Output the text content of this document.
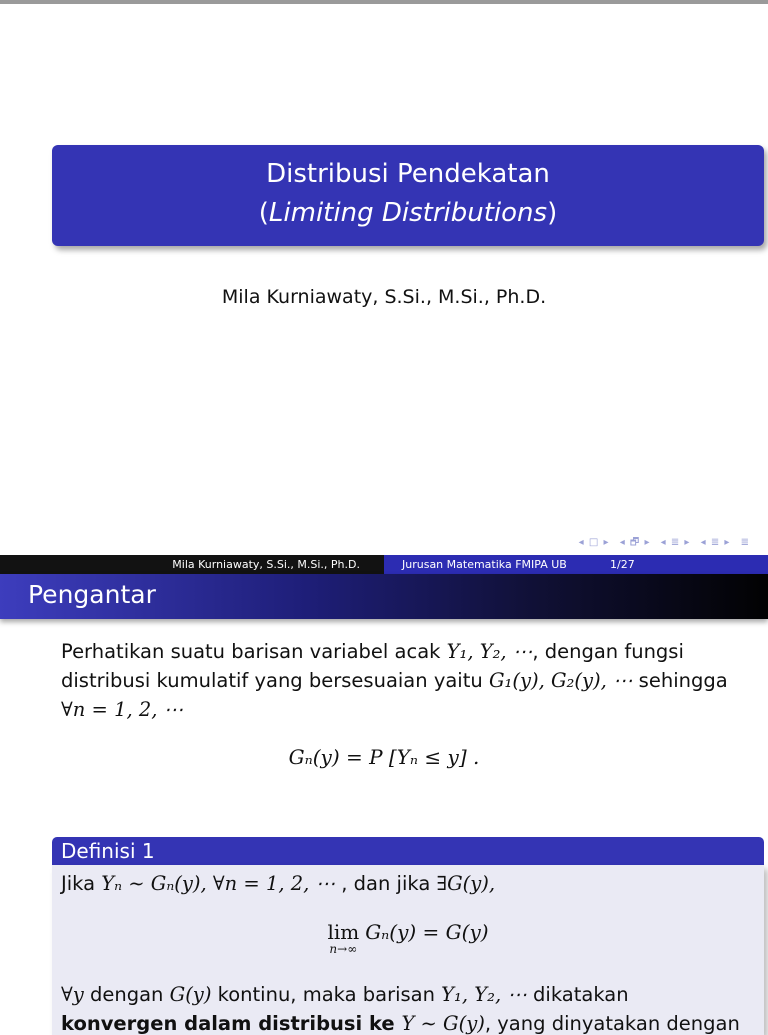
Distribusi Pendekatan
(Limiting Distributions)
Mila Kurniawaty, S.Si., M.Si., Ph.D.
◂ □ ▸ ◂ 🗗 ▸ ◂ ≣ ▸ ◂ ≣ ▸ ≣
Mila Kurniawaty, S.Si., M.Si., Ph.D.	Jurusan Matematika FMIPA UB	1/27
Pengantar
Perhatikan suatu barisan variabel acak Y₁, Y₂, ⋯, dengan fungsi distribusi kumulatif yang bersesuaian yaitu G₁(y), G₂(y), ⋯ sehingga
∀n = 1, 2, ⋯
Gₙ(y) = P [Yₙ ≤ y] .
Definisi 1
Jika Yₙ ∼ Gₙ(y), ∀n = 1, 2, ⋯ , dan jika ∃G(y),
lim
n→∞
Gₙ(y) = G(y)
∀y dengan G(y) kontinu, maka barisan Y₁, Y₂, ⋯ dikatakan
konvergen dalam distribusi ke Y ∼ G(y), yang dinyatakan dengan
